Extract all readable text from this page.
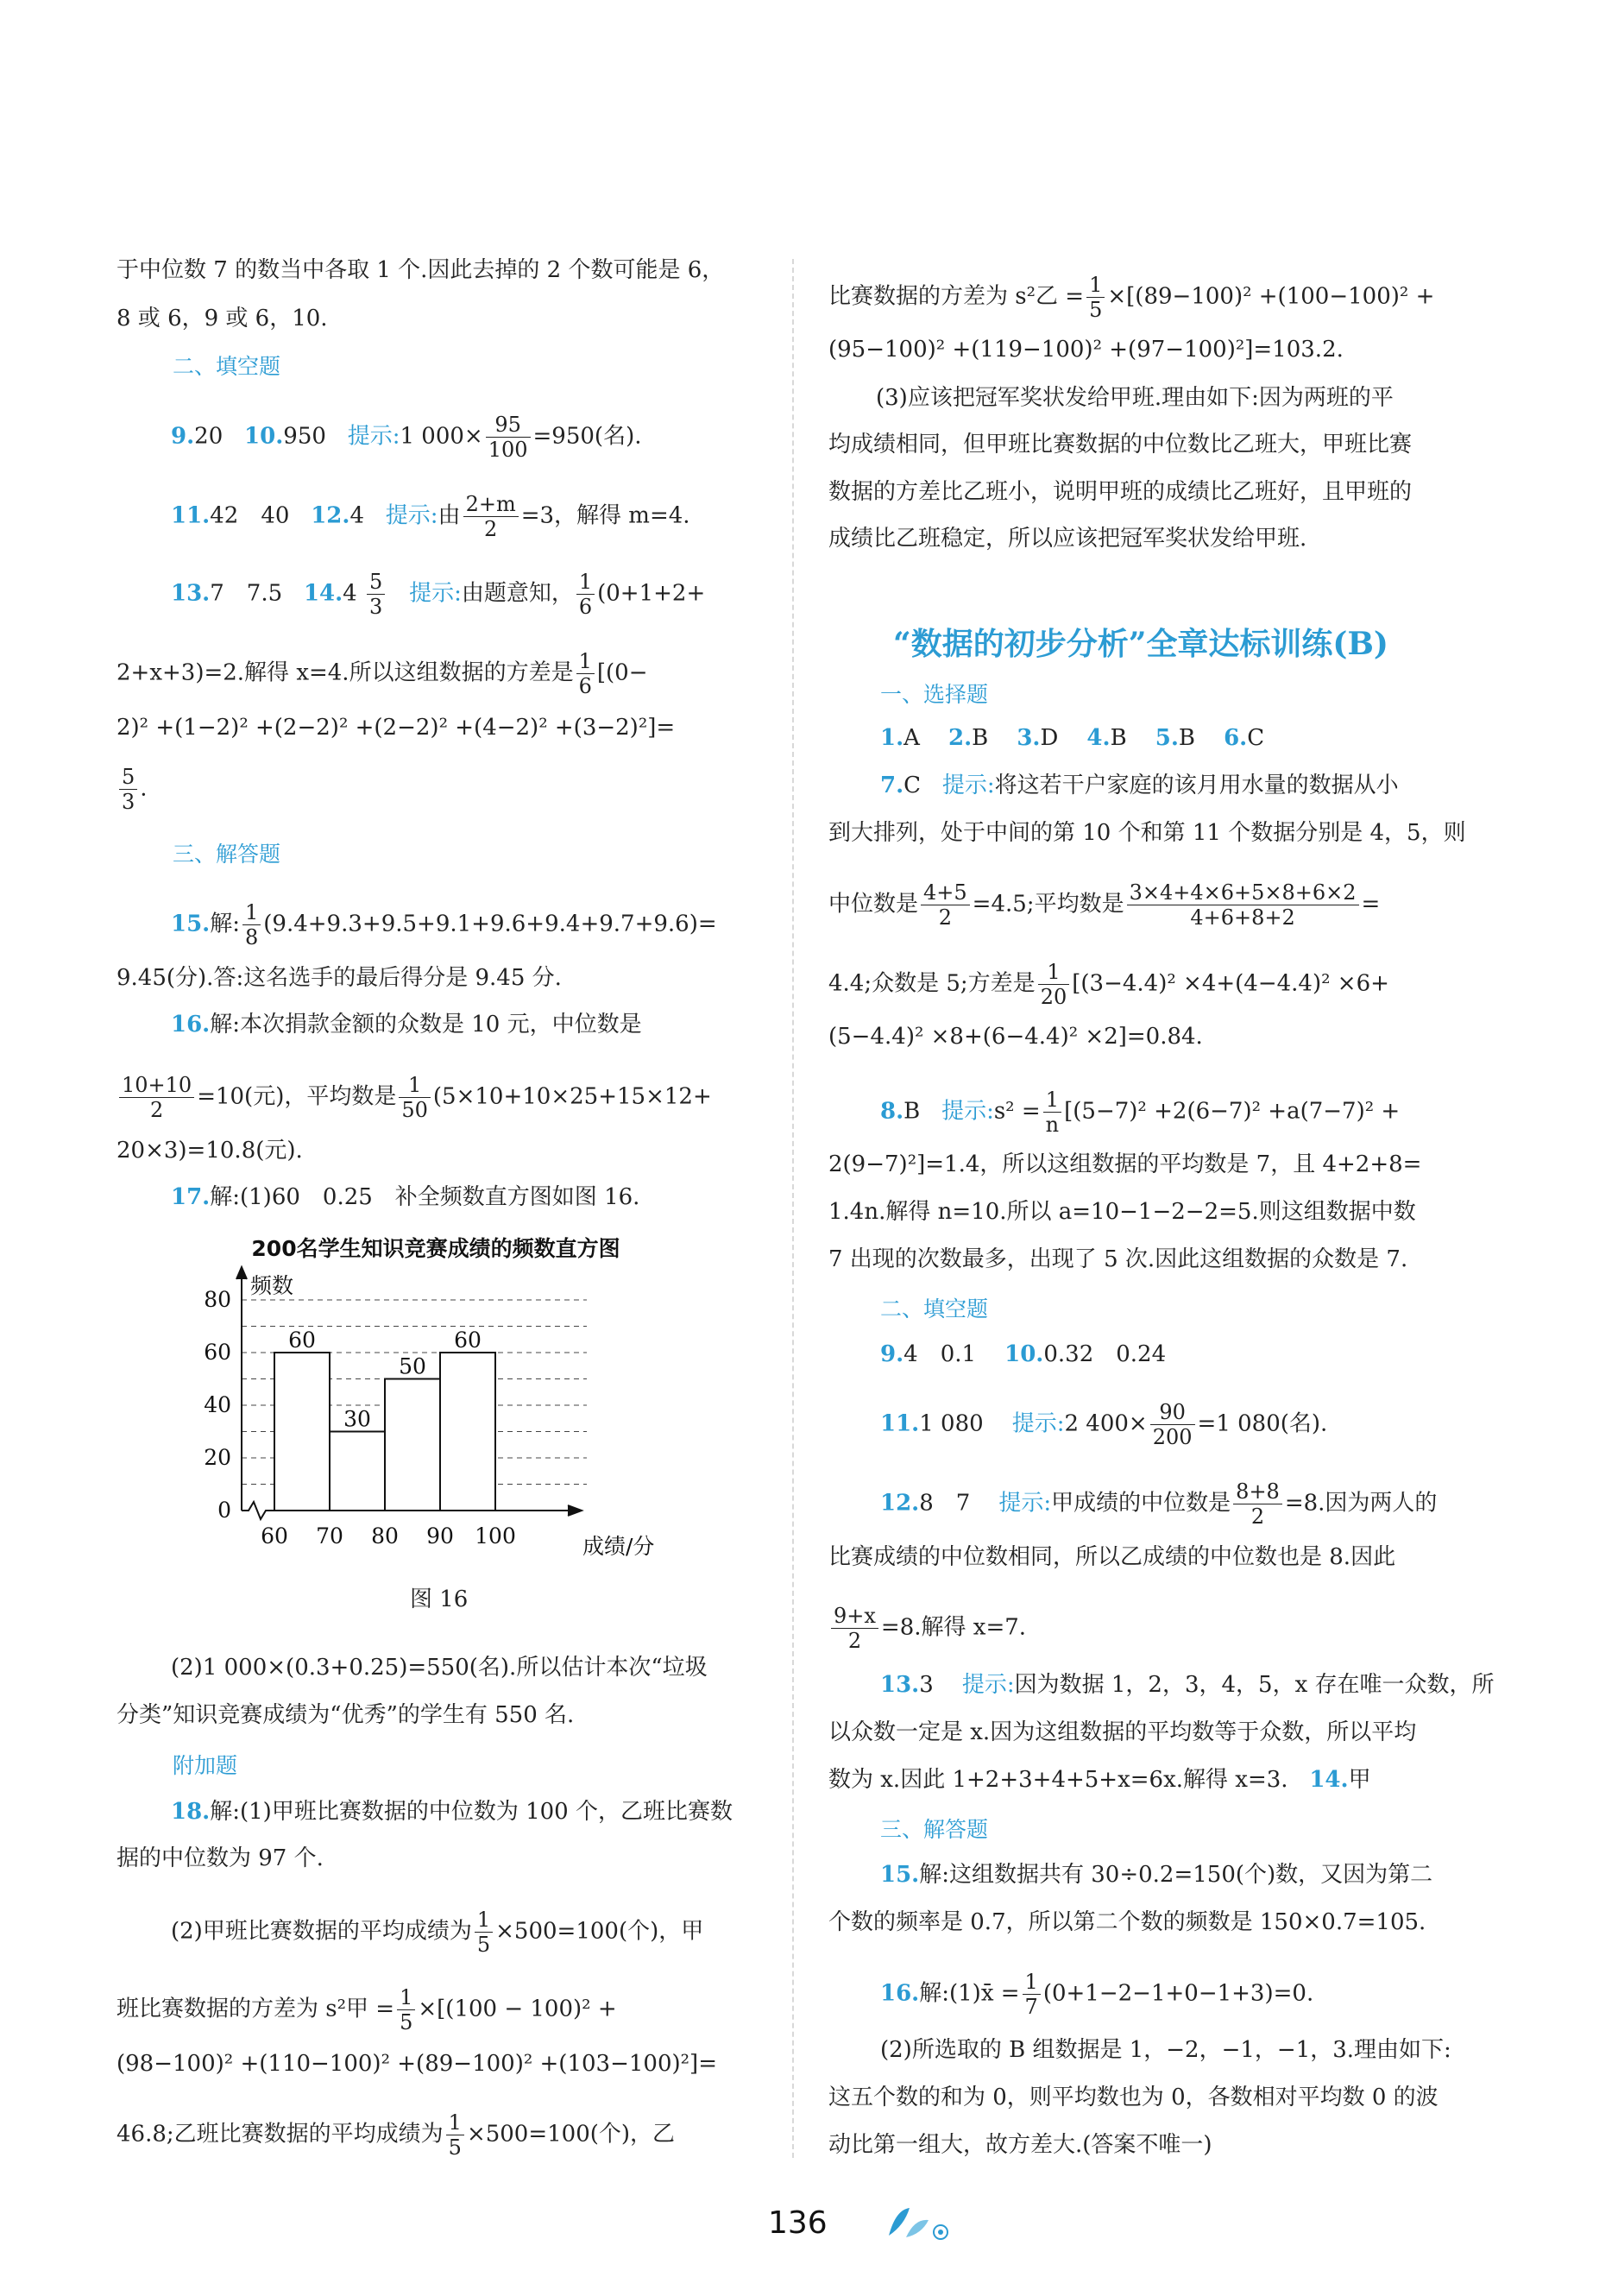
于中位数 7 的数当中各取 1 个.因此去掉的 2 个数可能是 6，
8 或 6，9 或 6，10.
二、填空题
9.20 10.950 提示:1 $000\times \frac{95}{100} =950$(名).
11.42　40 12.4 提示:由 $\frac{2+m}{2} =3$，解得 m=4.
13.7　7.5 $14.4 \frac{5}{3}$ 提示:由题意知， $\frac{1}{6} (0+1+2+$
2+x+3)=2.解得 x=4.所以这组数据的方差是 $\frac{1}{6} [(0-$
2)² +(1−2)² +(2−2)² +(2−2)² +(4−2)² +(3−2)²]=
$\frac{5}{3}$ .
三、解答题
15.解: $\frac{1}{8} (9.4+9.3+9.5+9.1+9.6+9.4+9.7+9.6)=$
9.45(分).答:这名选手的最后得分是 9.45 分.
16.解:本次捐款金额的众数是 10 元，中位数是
$\frac{10+10}{2} =10$(元)，平均数是 $\frac{1}{50} (5\times 10+10\times 25+15\times 12+$
20×3)=10.8(元).
17.解:(1)60　0.25　补全频数直方图如图 16.
200名学生知识竞赛成绩的频数直方图
0
20
40
60
80
60 70 80 90 100
60
30
50
60
频数
成绩/分
图 16
(2)1 000×(0.3+0.25)=550(名).所以估计本次“垃圾
分类”知识竞赛成绩为“优秀”的学生有 550 名.
附加题
18.解:(1)甲班比赛数据的中位数为 100 个，乙班比赛数
据的中位数为 97 个.
(2)甲班比赛数据的平均成绩为 $\frac{1}{5} \times 500=100$(个)，甲
班比赛数据的方差为 s²甲 = $\frac{1}{5} \times[(100 - 100)^2$ +
(98−100)² +(110−100)² +(89−100)² +(103−100)²]=
46.8;乙班比赛数据的平均成绩为 $\frac{1}{5} \times 500=100$(个)，乙
比赛数据的方差为 s²乙 = $\frac{1}{5} \times[(89-100)^2 +(100-100)^2$ +
(95−100)² +(119−100)² +(97−100)²]=103.2.
(3)应该把冠军奖状发给甲班.理由如下:因为两班的平
均成绩相同，但甲班比赛数据的中位数比乙班大，甲班比赛
数据的方差比乙班小，说明甲班的成绩比乙班好，且甲班的
成绩比乙班稳定，所以应该把冠军奖状发给甲班.
“数据的初步分析”全章达标训练(B)
一、选择题
1.A 2.B 3.D 4.B 5.B 6.C
7.C 提示:将这若干户家庭的该月用水量的数据从小
到大排列，处于中间的第 10 个和第 11 个数据分别是 4，5，则
中位数是 $\frac{4+5}{2} =4.5$;平均数是 $\frac{3\times 4+4\times 6+5\times 8+6\times 2}{4+6+8+2}$ =
4.4;众数是 5;方差是 $\frac{1}{20} [(3-4.4)^2 \times 4+(4-4.4)^2 \times 6+$
(5−4.4)² ×8+(6−4.4)² ×2]=0.84.
8.B 提示:s² = $\frac{1}{n} [(5-7)^2 +2(6-7)^2 +a(7-7)^2$ +
2(9−7)²]=1.4，所以这组数据的平均数是 7，且 4+2+8=
1.4n.解得 n=10.所以 a=10−1−2−2=5.则这组数据中数
7 出现的次数最多，出现了 5 次.因此这组数据的众数是 7.
二、填空题
9.4　0.1 10.0.32　0.24
11.1 080 提示:2 $400\times \frac{90}{200} =1$ 080(名).
12.8　7 提示:甲成绩的中位数是 $\frac{8+8}{2} =8$.因为两人的
比赛成绩的中位数相同，所以乙成绩的中位数也是 8.因此
$\frac{9+x}{2} =8$.解得 x=7.
13.3 提示:因为数据 1，2，3，4，5，x 存在唯一众数，所
以众数一定是 x.因为这组数据的平均数等于众数，所以平均
数为 x.因此 1+2+3+4+5+x=6x.解得 x=3. 14.甲
三、解答题
15.解:这组数据共有 30÷0.2=150(个)数，又因为第二
个数的频率是 0.7，所以第二个数的频数是 150×0.7=105.
16.解:(1)x̄ = $\frac{1}{7} (0+1-2-1+0-1+3)=0$.
(2)所选取的 B 组数据是 1，−2，−1，−1，3.理由如下:
这五个数的和为 0，则平均数也为 0，各数相对平均数 0 的波
动比第一组大，故方差大.(答案不唯一)
136
